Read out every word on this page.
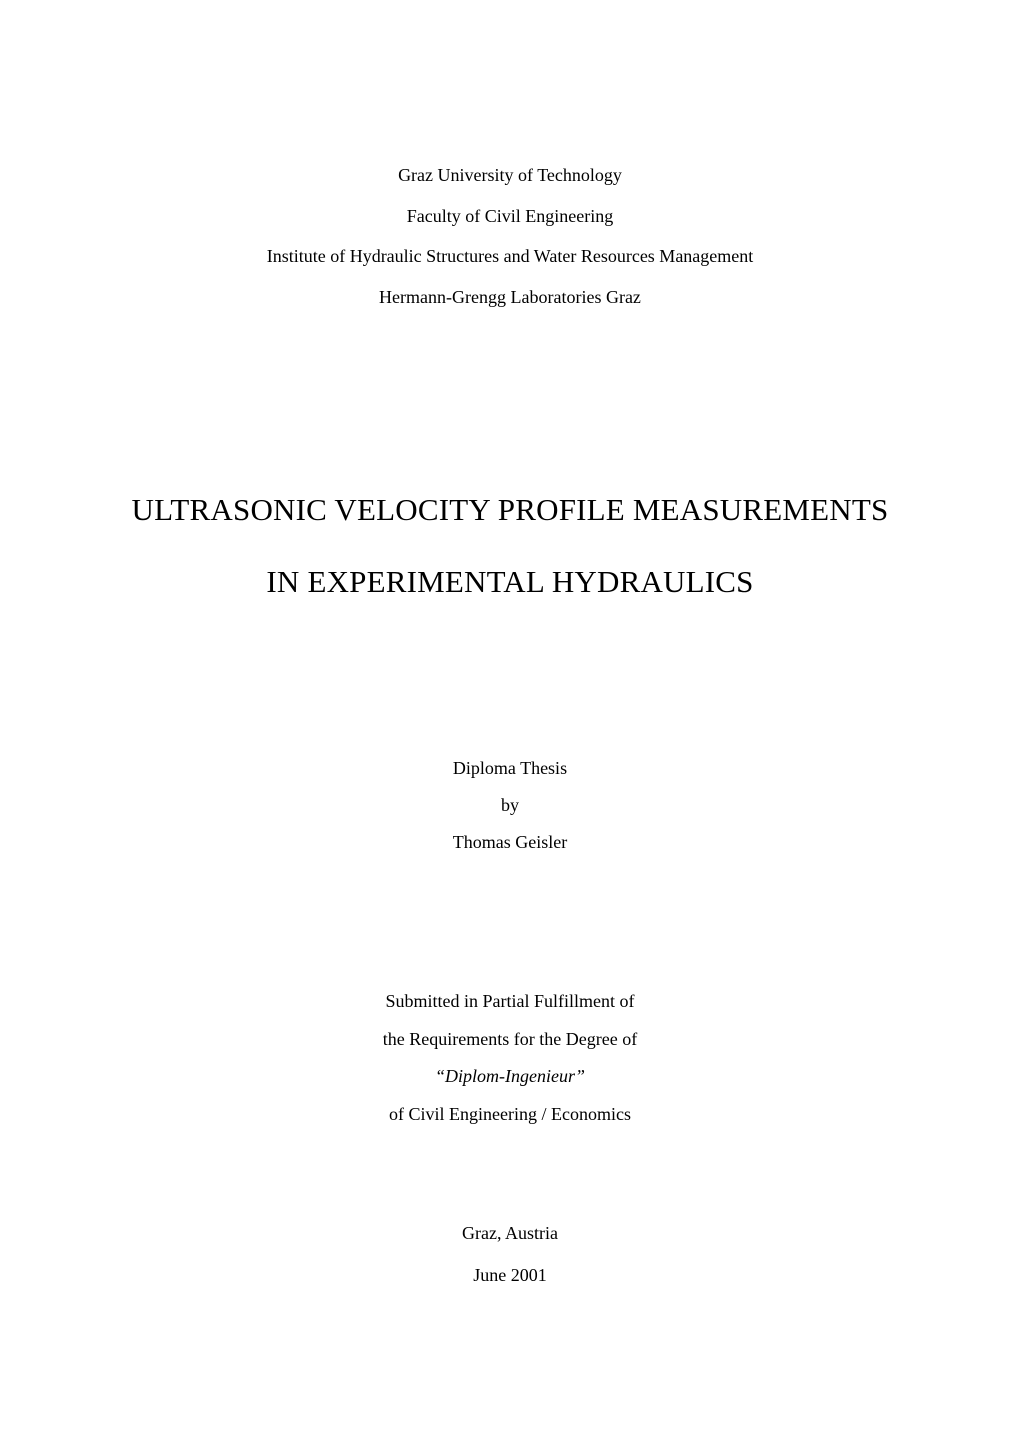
Graz University of Technology
Faculty of Civil Engineering
Institute of Hydraulic Structures and Water Resources Management
Hermann-Grengg Laboratories Graz
ULTRASONIC VELOCITY PROFILE MEASUREMENTS
IN EXPERIMENTAL HYDRAULICS
Diploma Thesis
by
Thomas Geisler
Submitted in Partial Fulfillment of
the Requirements for the Degree of
“Diplom-Ingenieur”
of Civil Engineering / Economics
Graz, Austria
June 2001
